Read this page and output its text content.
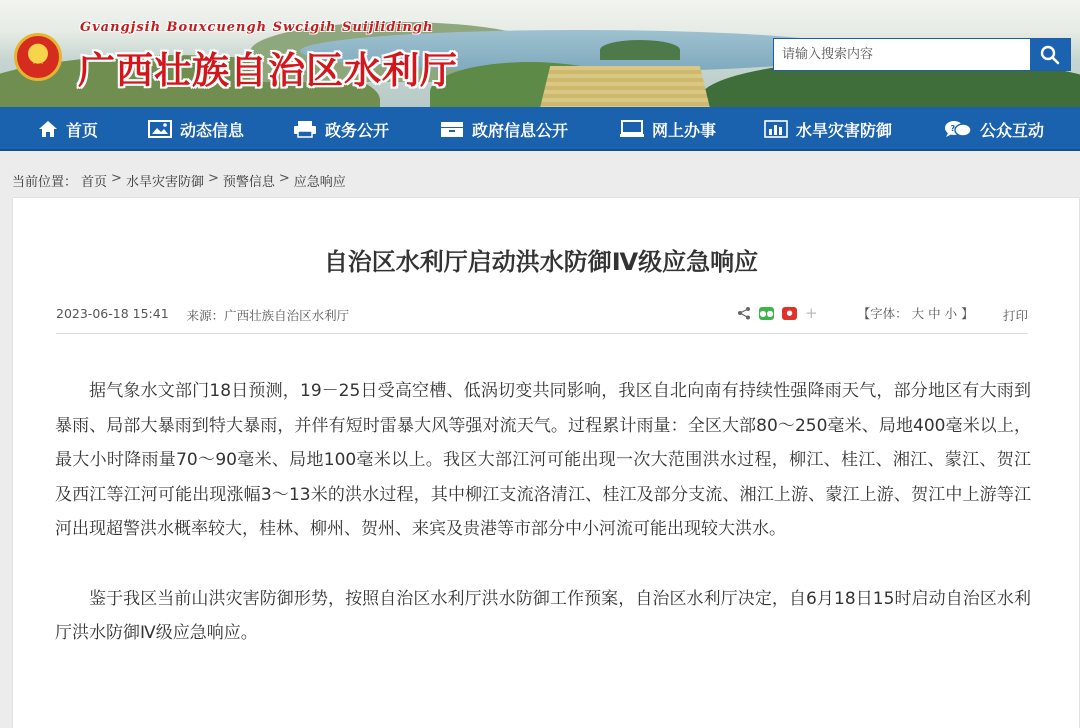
★
Gvangjsih Bouxcuengh Swcigih Suijlidingh
广西壮族自治区水利厅
请输入搜索内容
首页	动态信息	政务公开	政府信息公开	网上办事	水旱灾害防御	? 公众互动
当前位置： 首页 > 水旱灾害防御 > 预警信息 > 应急响应
自治区水利厅启动洪水防御Ⅳ级应急响应
2023-06-18 15:41 来源：广西壮族自治区水利厅	●●	● +	【字体： 大 中 小 】 打印

据气象水文部门18日预测，19－25日受高空槽、低涡切变共同影响，我区自北向南有持续性强降雨天气，部分地区有大雨到暴雨、局部大暴雨到特大暴雨，并伴有短时雷暴大风等强对流天气。过程累计雨量：全区大部80～250毫米、局地400毫米以上，最大小时降雨量70～90毫米、局地100毫米以上。我区大部江河可能出现一次大范围洪水过程，柳江、桂江、湘江、蒙江、贺江及西江等江河可能出现涨幅3～13米的洪水过程，其中柳江支流洛清江、桂江及部分支流、湘江上游、蒙江上游、贺江中上游等江河出现超警洪水概率较大，桂林、柳州、贺州、来宾及贵港等市部分中小河流可能出现较大洪水。

鉴于我区当前山洪灾害防御形势，按照自治区水利厅洪水防御工作预案，自治区水利厅决定，自6月18日15时启动自治区水利厅洪水防御Ⅳ级应急响应。
